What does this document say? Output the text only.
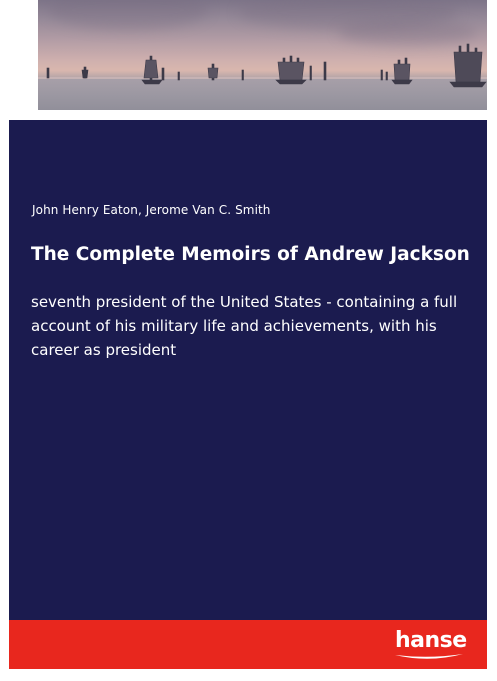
John Henry Eaton, Jerome Van C. Smith
The Complete Memoirs of Andrew Jackson
seventh president of the United States - containing a full account of his military life and achievements, with his career as president
hanse
